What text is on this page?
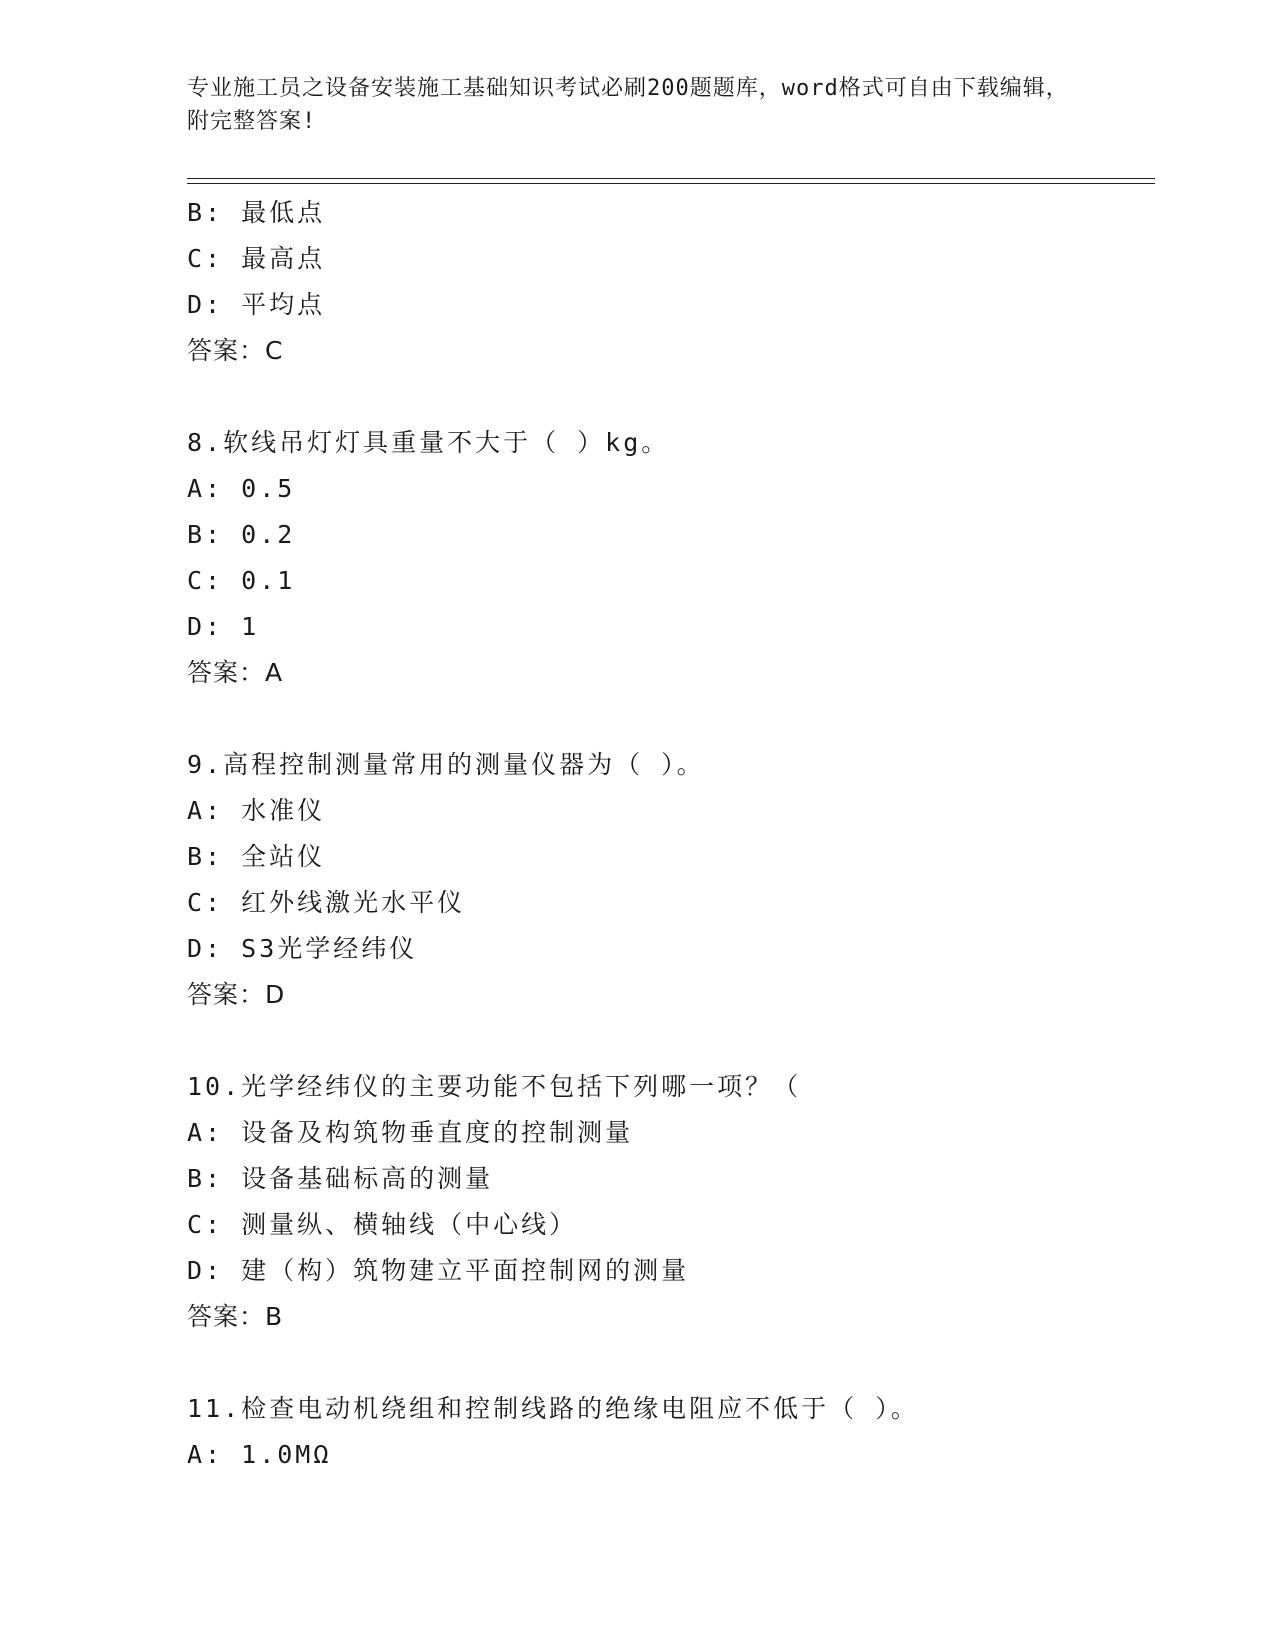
专业施工员之设备安装施工基础知识考试必刷200题题库，word格式可自由下载编辑，附完整答案!
B: 最低点
C: 最高点
D: 平均点
答案：C
8.软线吊灯灯具重量不大于（ ）kg。
A: 0.5
B: 0.2
C: 0.1
D: 1
答案：A
9.高程控制测量常用的测量仪器为（ ）。
A: 水准仪
B: 全站仪
C: 红外线激光水平仪
D: S3光学经纬仪
答案：D
10.光学经纬仪的主要功能不包括下列哪一项？（
A: 设备及构筑物垂直度的控制测量
B: 设备基础标高的测量
C: 测量纵、横轴线（中心线）
D: 建（构）筑物建立平面控制网的测量
答案：B
11.检查电动机绕组和控制线路的绝缘电阻应不低于（ ）。
A: 1.0MΩ
